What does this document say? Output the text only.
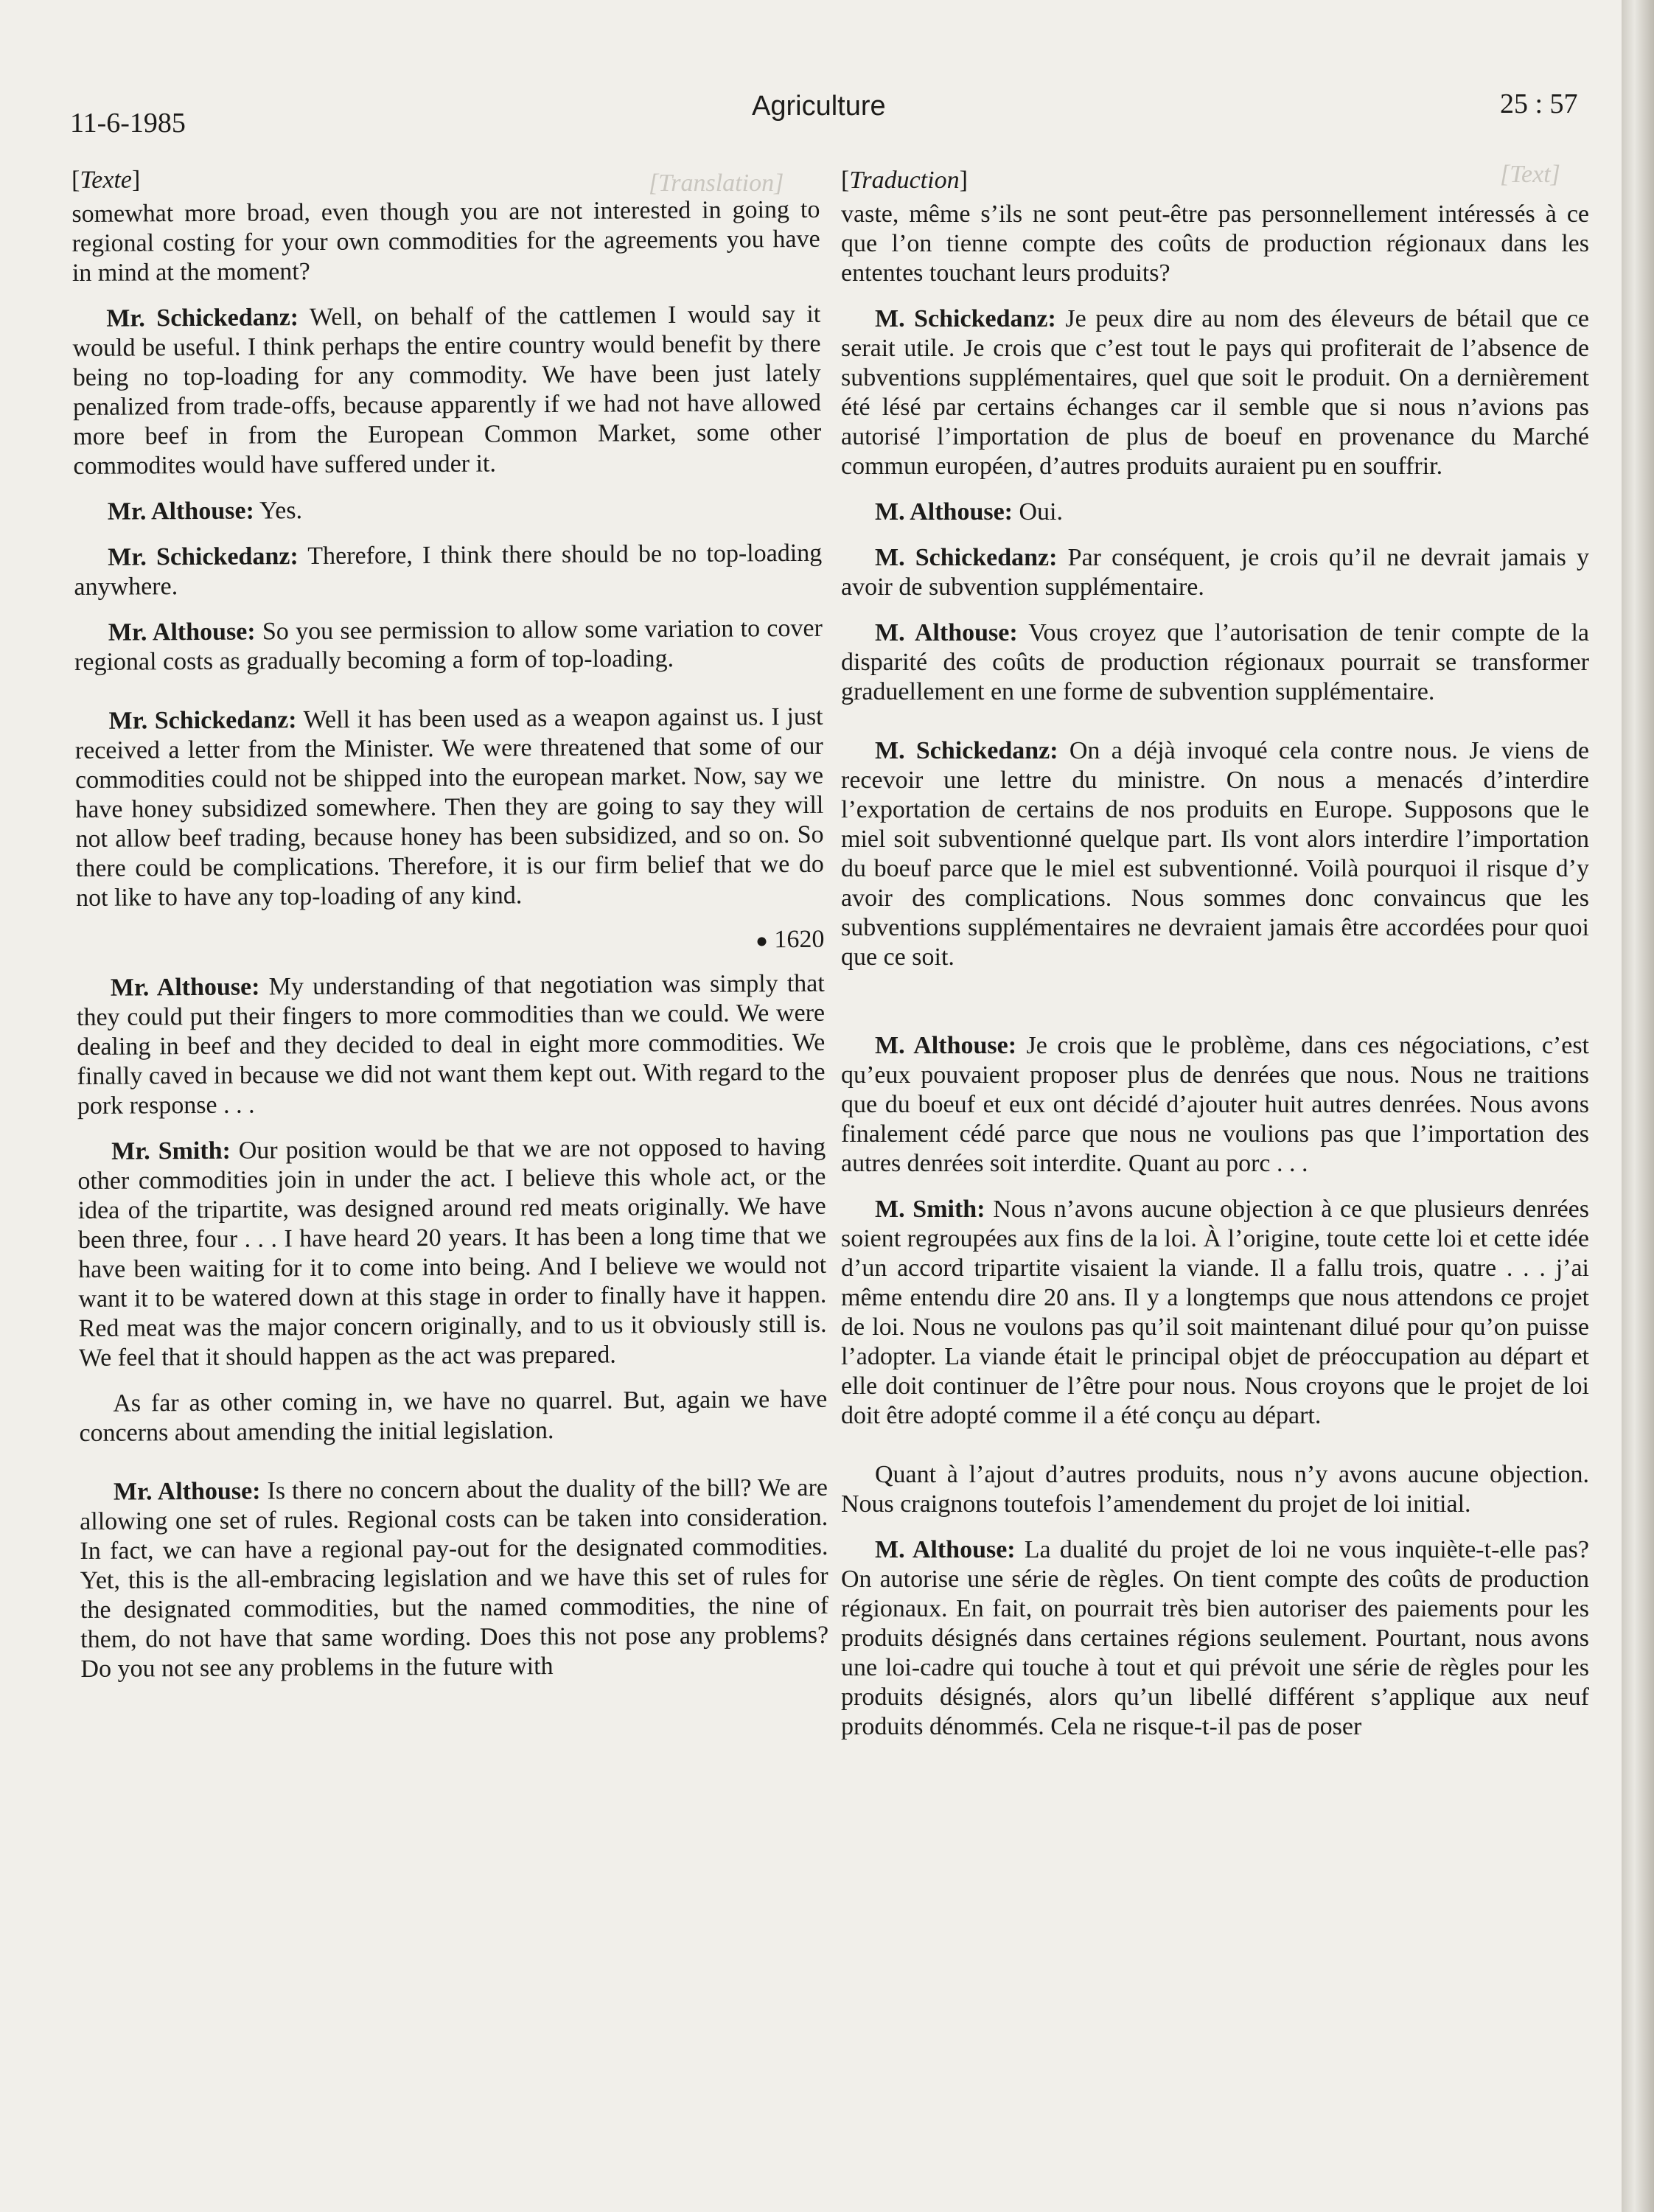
[Translation]	[Text]
11-6-1985
Agriculture	25 : 57
[Texte]

somewhat more broad, even though you are not interested in going to regional costing for your own commodities for the agreements you have in mind at the moment?

Mr. Schickedanz: Well, on behalf of the cattlemen I would say it would be useful. I think perhaps the entire country would benefit by there being no top-loading for any commodity. We have been just lately penalized from trade-offs, because apparently if we had not have allowed more beef in from the European Common Market, some other commodites would have suffered under it.

Mr. Althouse: Yes.

Mr. Schickedanz: Therefore, I think there should be no top-loading anywhere.

Mr. Althouse: So you see permission to allow some variation to cover regional costs as gradually becoming a form of top-loading.

Mr. Schickedanz: Well it has been used as a weapon against us. I just received a letter from the Minister. We were threatened that some of our commodities could not be shipped into the european market. Now, say we have honey subsidized somewhere. Then they are going to say they will not allow beef trading, because honey has been subsidized, and so on. So there could be complications. Therefore, it is our firm belief that we do not like to have any top-loading of any kind.

● 1620

Mr. Althouse: My understanding of that negotiation was simply that they could put their fingers to more commodities than we could. We were dealing in beef and they decided to deal in eight more commodities. We finally caved in because we did not want them kept out. With regard to the pork response . . .

Mr. Smith: Our position would be that we are not opposed to having other commodities join in under the act. I believe this whole act, or the idea of the tripartite, was designed around red meats originally. We have been three, four . . . I have heard 20 years. It has been a long time that we have been waiting for it to come into being. And I believe we would not want it to be watered down at this stage in order to finally have it happen. Red meat was the major concern originally, and to us it obviously still is. We feel that it should happen as the act was prepared.

As far as other coming in, we have no quarrel. But, again we have concerns about amending the initial legislation.

Mr. Althouse: Is there no concern about the duality of the bill? We are allowing one set of rules. Regional costs can be taken into consideration. In fact, we can have a regional pay-out for the designated commodities. Yet, this is the all-embracing legislation and we have this set of rules for the designated commodities, but the named commodities, the nine of them, do not have that same wording. Does this not pose any problems? Do you not see any problems in the future with

[Traduction]

vaste, même s’ils ne sont peut-être pas personnellement intéressés à ce que l’on tienne compte des coûts de production régionaux dans les ententes touchant leurs produits?

M. Schickedanz: Je peux dire au nom des éleveurs de bétail que ce serait utile. Je crois que c’est tout le pays qui profiterait de l’absence de subventions supplémentaires, quel que soit le produit. On a dernièrement été lésé par certains échanges car il semble que si nous n’avions pas autorisé l’importation de plus de boeuf en provenance du Marché commun européen, d’autres produits auraient pu en souffrir.

M. Althouse: Oui.

M. Schickedanz: Par conséquent, je crois qu’il ne devrait jamais y avoir de subvention supplémentaire.

M. Althouse: Vous croyez que l’autorisation de tenir compte de la disparité des coûts de production régionaux pourrait se transformer graduellement en une forme de subvention supplémentaire.

M. Schickedanz: On a déjà invoqué cela contre nous. Je viens de recevoir une lettre du ministre. On nous a menacés d’interdire l’exportation de certains de nos produits en Europe. Supposons que le miel soit subventionné quelque part. Ils vont alors interdire l’importation du boeuf parce que le miel est subventionné. Voilà pourquoi il risque d’y avoir des complications. Nous sommes donc convaincus que les subventions supplémentaires ne devraient jamais être accordées pour quoi que ce soit.

M. Althouse: Je crois que le problème, dans ces négociations, c’est qu’eux pouvaient proposer plus de denrées que nous. Nous ne traitions que du boeuf et eux ont décidé d’ajouter huit autres denrées. Nous avons finalement cédé parce que nous ne voulions pas que l’importation des autres denrées soit interdite. Quant au porc . . .

M. Smith: Nous n’avons aucune objection à ce que plusieurs denrées soient regroupées aux fins de la loi. À l’origine, toute cette loi et cette idée d’un accord tripartite visaient la viande. Il a fallu trois, quatre . . . j’ai même entendu dire 20 ans. Il y a longtemps que nous attendons ce projet de loi. Nous ne voulons pas qu’il soit maintenant dilué pour qu’on puisse l’adopter. La viande était le principal objet de préoccupation au départ et elle doit continuer de l’être pour nous. Nous croyons que le projet de loi doit être adopté comme il a été conçu au départ.

Quant à l’ajout d’autres produits, nous n’y avons aucune objection. Nous craignons toutefois l’amendement du projet de loi initial.

M. Althouse: La dualité du projet de loi ne vous inquiète-t-elle pas? On autorise une série de règles. On tient compte des coûts de production régionaux. En fait, on pourrait très bien autoriser des paiements pour les produits désignés dans certaines régions seulement. Pourtant, nous avons une loi-cadre qui touche à tout et qui prévoit une série de règles pour les produits désignés, alors qu’un libellé différent s’applique aux neuf produits dénommés. Cela ne risque-t-il pas de poser
